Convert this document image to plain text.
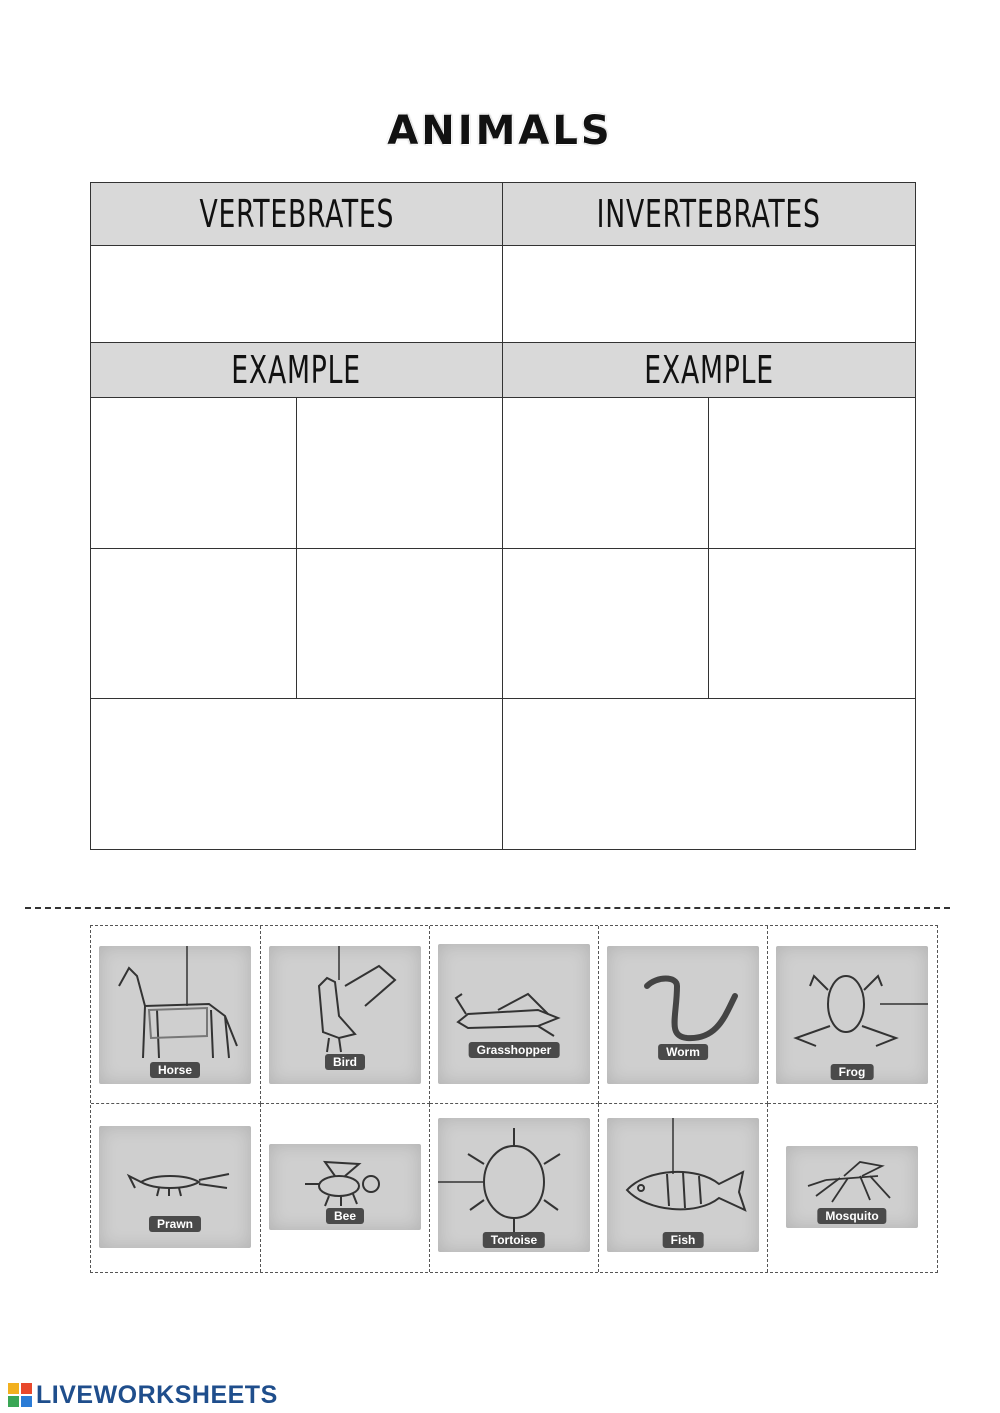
ANIMALS
VERTEBRATES	INVERTEBRATES
EXAMPLE	EXAMPLE
Horse
Bird
Grasshopper	Worm
Frog
Prawn
Bee
Tortoise	Fish
Mosquito
LIVEWORKSHEETS
